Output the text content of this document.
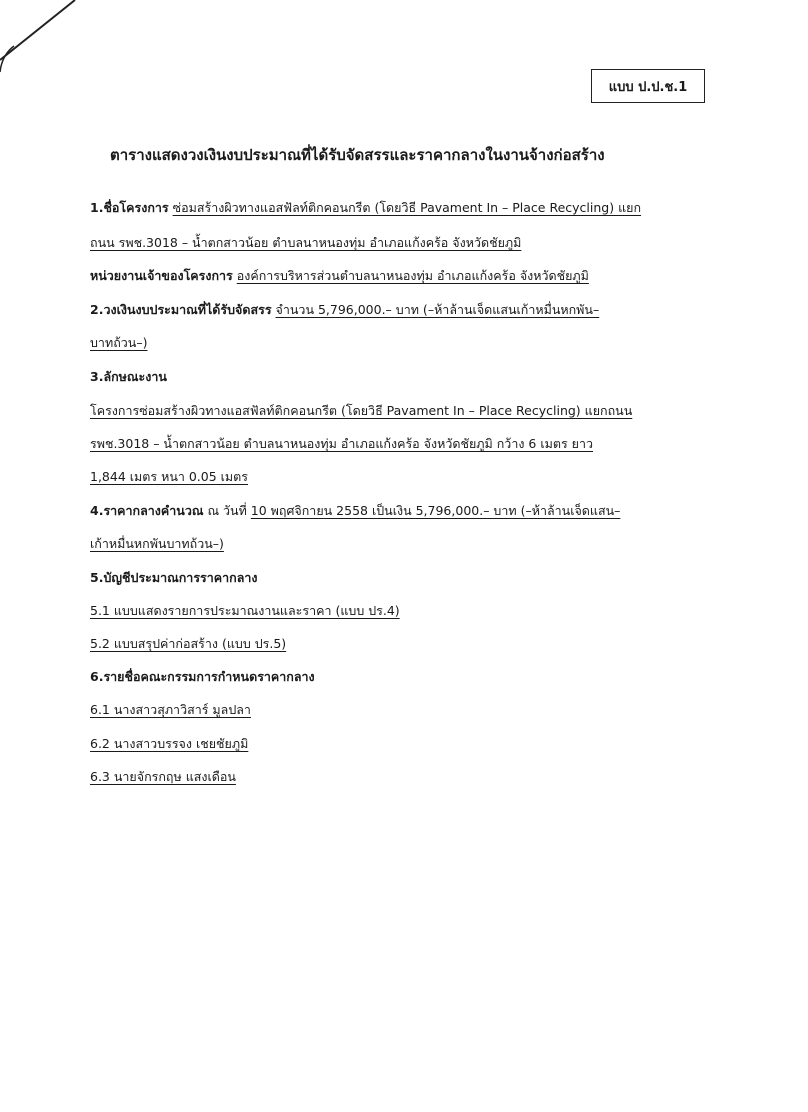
แบบ ป.ป.ช.1
ตารางแสดงวงเงินงบประมาณที่ได้รับจัดสรรและราคากลางในงานจ้างก่อสร้าง
1.ชื่อโครงการ ซ่อมสร้างผิวทางแอสฟัลท์ติกคอนกรีต (โดยวิธี Pavament In – Place Recycling) แยก
ถนน รพช.3018 – น้ำตกสาวน้อย ตำบลนาหนองทุ่ม อำเภอแก้งคร้อ จังหวัดชัยภูมิ
หน่วยงานเจ้าของโครงการ องค์การบริหารส่วนตำบลนาหนองทุ่ม อำเภอแก้งคร้อ จังหวัดชัยภูมิ
2.วงเงินงบประมาณที่ได้รับจัดสรร จำนวน 5,796,000.– บาท (–ห้าล้านเจ็ดแสนเก้าหมื่นหกพัน–
บาทถ้วน–)
3.ลักษณะงาน
โครงการซ่อมสร้างผิวทางแอสฟัลท์ติกคอนกรีต (โดยวิธี Pavament In – Place Recycling) แยกถนน
รพช.3018 – น้ำตกสาวน้อย ตำบลนาหนองทุ่ม อำเภอแก้งคร้อ จังหวัดชัยภูมิ กว้าง 6 เมตร ยาว
1,844 เมตร หนา 0.05 เมตร
4.ราคากลางคำนวณ ณ วันที่ 10 พฤศจิกายน 2558 เป็นเงิน 5,796,000.– บาท (–ห้าล้านเจ็ดแสน–
เก้าหมื่นหกพันบาทถ้วน–)
5.บัญชีประมาณการราคากลาง
5.1 แบบแสดงรายการประมาณงานและราคา (แบบ ปร.4)
5.2 แบบสรุปค่าก่อสร้าง (แบบ ปร.5)
6.รายชื่อคณะกรรมการกำหนดราคากลาง
6.1 นางสาวสุภาวิสาร์ มูลปลา
6.2 นางสาวบรรจง เชยชัยภูมิ
6.3 นายจักรกฤษ แสงเดือน
